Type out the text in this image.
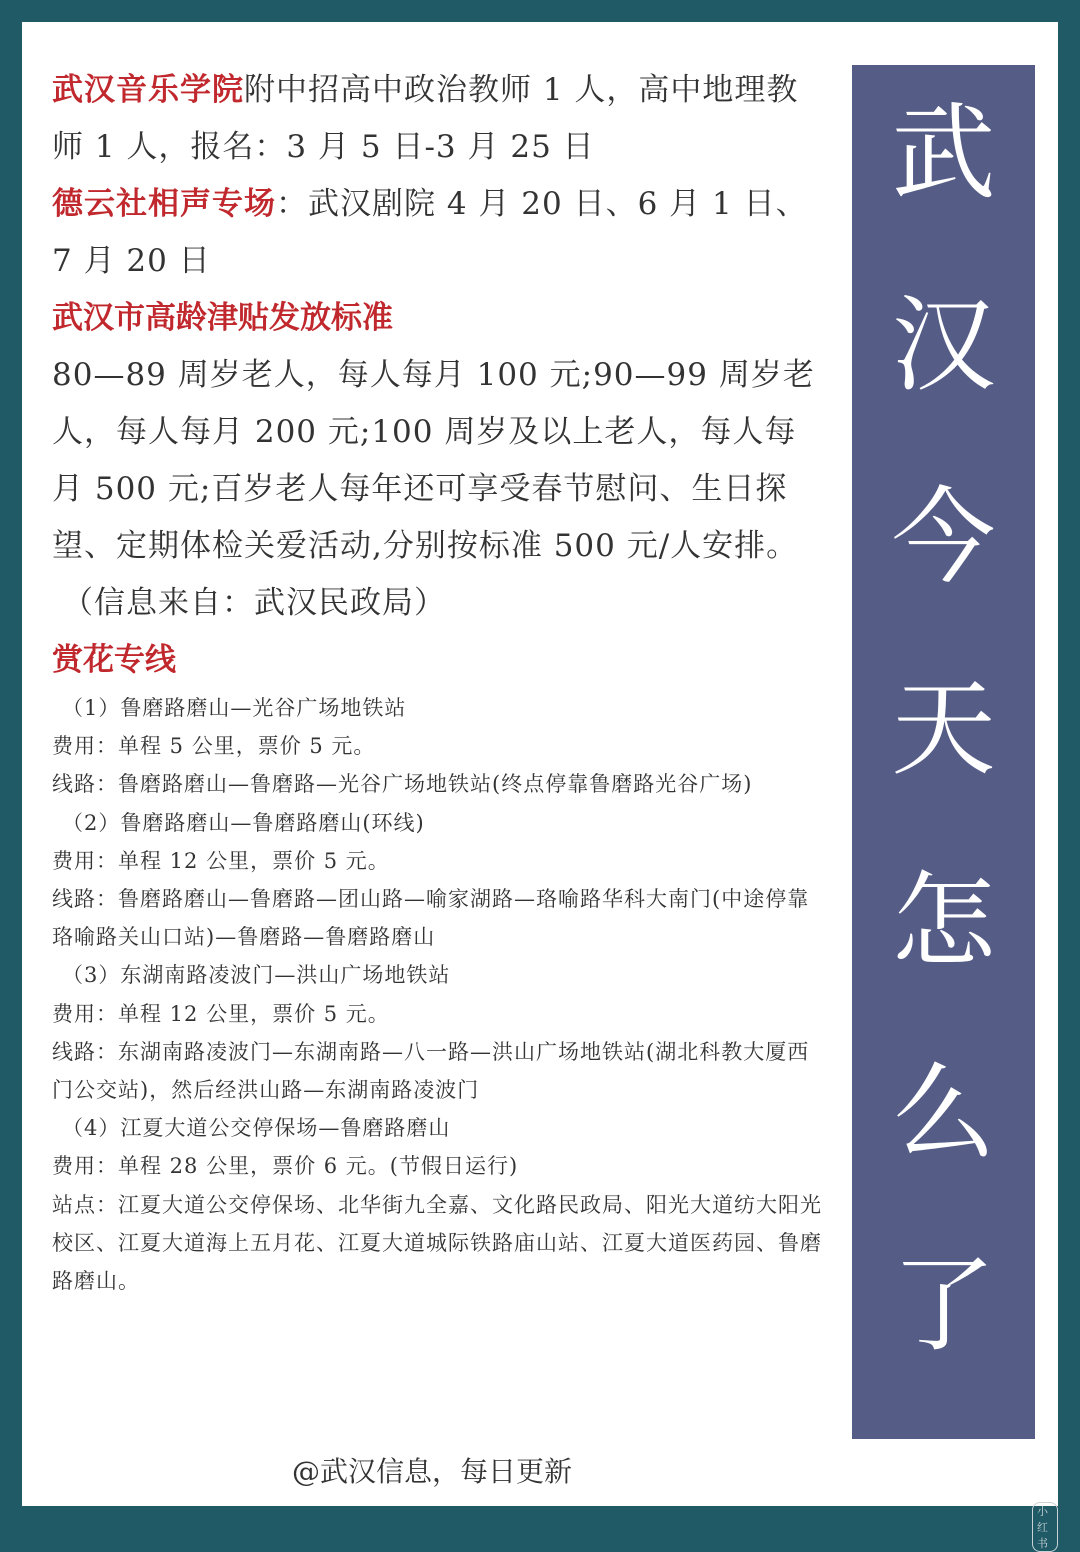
武汉音乐学院附中招高中政治教师 1 人，高中地理教师 1 人，报名：3 月 5 日-3 月 25 日

德云社相声专场：武汉剧院 4 月 20 日、6 月 1 日、7 月 20 日

武汉市高龄津贴发放标准

80—89 周岁老人，每人每月 100 元;90—99 周岁老人，每人每月 200 元;100 周岁及以上老人，每人每月 500 元;百岁老人每年还可享受春节慰问、生日探望、定期体检关爱活动,分别按标准 500 元/人安排。

（信息来自：武汉民政局）

赏花专线

（1）鲁磨路磨山—光谷广场地铁站

费用：单程 5 公里，票价 5 元。

线路：鲁磨路磨山—鲁磨路—光谷广场地铁站(终点停靠鲁磨路光谷广场)

（2）鲁磨路磨山—鲁磨路磨山(环线)

费用：单程 12 公里，票价 5 元。

线路：鲁磨路磨山—鲁磨路—团山路—喻家湖路—珞喻路华科大南门(中途停靠珞喻路关山口站)—鲁磨路—鲁磨路磨山

（3）东湖南路凌波门—洪山广场地铁站

费用：单程 12 公里，票价 5 元。

线路：东湖南路凌波门—东湖南路—八一路—洪山广场地铁站(湖北科教大厦西门公交站)，然后经洪山路—东湖南路凌波门

（4）江夏大道公交停保场—鲁磨路磨山

费用：单程 28 公里，票价 6 元。(节假日运行)

站点：江夏大道公交停保场、北华街九全嘉、文化路民政局、阳光大道纺大阳光校区、江夏大道海上五月花、江夏大道城际铁路庙山站、江夏大道医药园、鲁磨路磨山。

武
汉
今
天
怎
么
了
@武汉信息，每日更新
小红书
